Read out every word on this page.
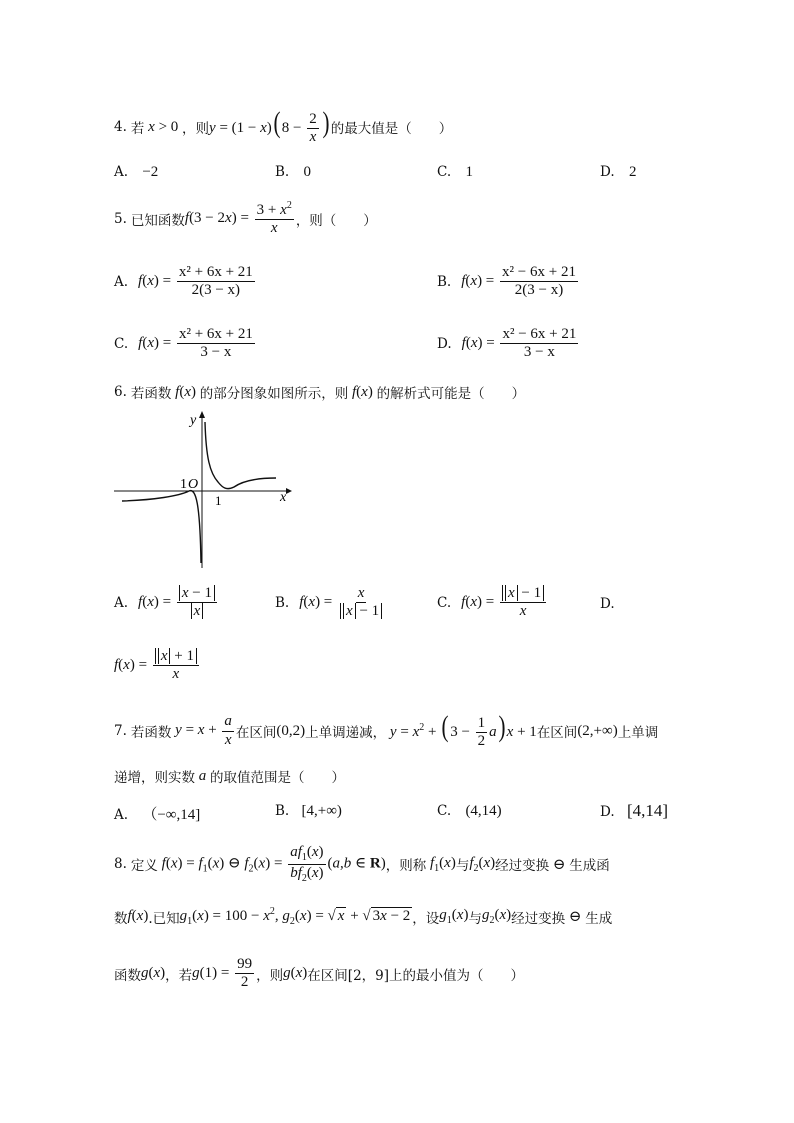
4. 若 x > 0 ，则 y = (1 − x)( $8 - \frac{2}{x}$ ) 的最大值是（　　）
A. −2	B. 0	C. 1	D. 2
5. 已知函数 $f(3 - 2x) = \frac{3 + x^2}{x}$ ，则（　　）
A. $f(x) = \frac{\text{x² + 6x + 21}}{2(3 - x)}$	B. $f(x) = \frac{\text{x² − 6x + 21}}{2(3 - x)}$
C. $f(x) = \frac{\text{x² + 6x + 21}}{3 - x}$	D. $f(x) = \frac{\text{x² − 6x + 21}}{3 - x}$
6. 若函数 f(x) 的部分图象如图所示，则 f(x) 的解析式可能是（　　）
y
x
1 O
1
A. $f(x) = \frac{x - 1}{x}$	B. $f(x) = \frac{x}{x - 1}$	C. $f(x) = \frac{x - 1}{x}$	D.
$f(x) = \frac{x + 1}{x}$
7. 若函数 $y = x + \frac{a}{x}$ 在区间 (0,2) 上单调递减， $y = x^2$ + ( $3 - \frac{1}{2} a$) x + 1 在区间 (2,+∞) 上单调
递增，则实数 a 的取值范围是（　　）
A. （−∞,14]	B. [4,+∞)	C. (4,14)	D. [4,14]
8. 定义 $f(x) = f_1(x)$ ⊖ $f_2(x) = \frac{af_1(x)}{bf_2(x)} (a,b$ ∈ R) ，则称 $f_1(x)$ 与 $f_2(x)$ 经过变换 ⊖ 生成函
数 f(x) .已知 $g_1(x) = 100 - x^2$, $g_2(x)$ = √ x + √ 3x − 2 ，设 $g_1(x)$ 与 $g_2(x)$ 经过变换 ⊖ 生成
函数 g(x) ，若 $g(1) = \frac{99}{2}$ ，则 g(x) 在区间[2，9]上的最小值为（　　）
